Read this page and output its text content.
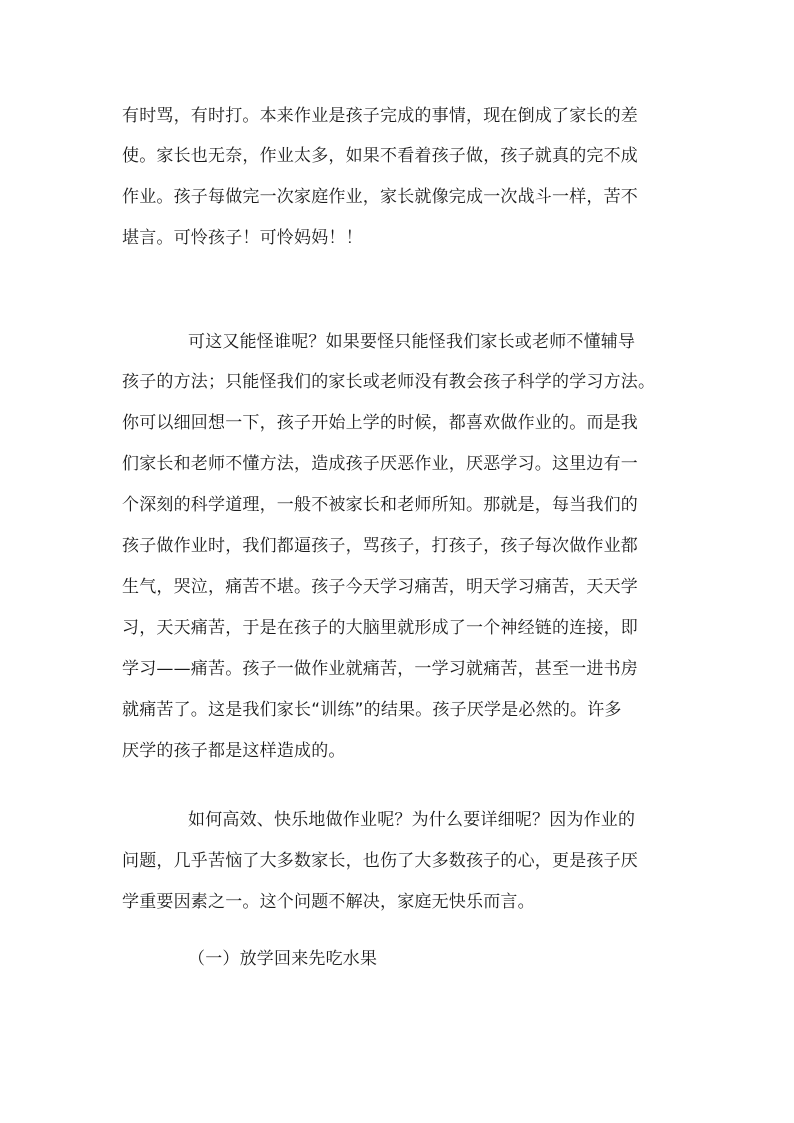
有时骂，有时打。本来作业是孩子完成的事情，现在倒成了家长的差
使。家长也无奈，作业太多，如果不看着孩子做，孩子就真的完不成
作业。孩子每做完一次家庭作业，家长就像完成一次战斗一样，苦不
堪言。可怜孩子！可怜妈妈！！
可这又能怪谁呢？如果要怪只能怪我们家长或老师不懂辅导
孩子的方法；只能怪我们的家长或老师没有教会孩子科学的学习方法。
你可以细回想一下，孩子开始上学的时候，都喜欢做作业的。而是我
们家长和老师不懂方法，造成孩子厌恶作业，厌恶学习。这里边有一
个深刻的科学道理，一般不被家长和老师所知。那就是，每当我们的
孩子做作业时，我们都逼孩子，骂孩子，打孩子，孩子每次做作业都
生气，哭泣，痛苦不堪。孩子今天学习痛苦，明天学习痛苦，天天学
习，天天痛苦，于是在孩子的大脑里就形成了一个神经链的连接，即
学习——痛苦。孩子一做作业就痛苦，一学习就痛苦，甚至一进书房
就痛苦了。这是我们家长“训练”的结果。孩子厌学是必然的。许多
厌学的孩子都是这样造成的。
如何高效、快乐地做作业呢？为什么要详细呢？因为作业的
问题，几乎苦恼了大多数家长，也伤了大多数孩子的心，更是孩子厌
学重要因素之一。这个问题不解决，家庭无快乐而言。
（一）放学回来先吃水果
